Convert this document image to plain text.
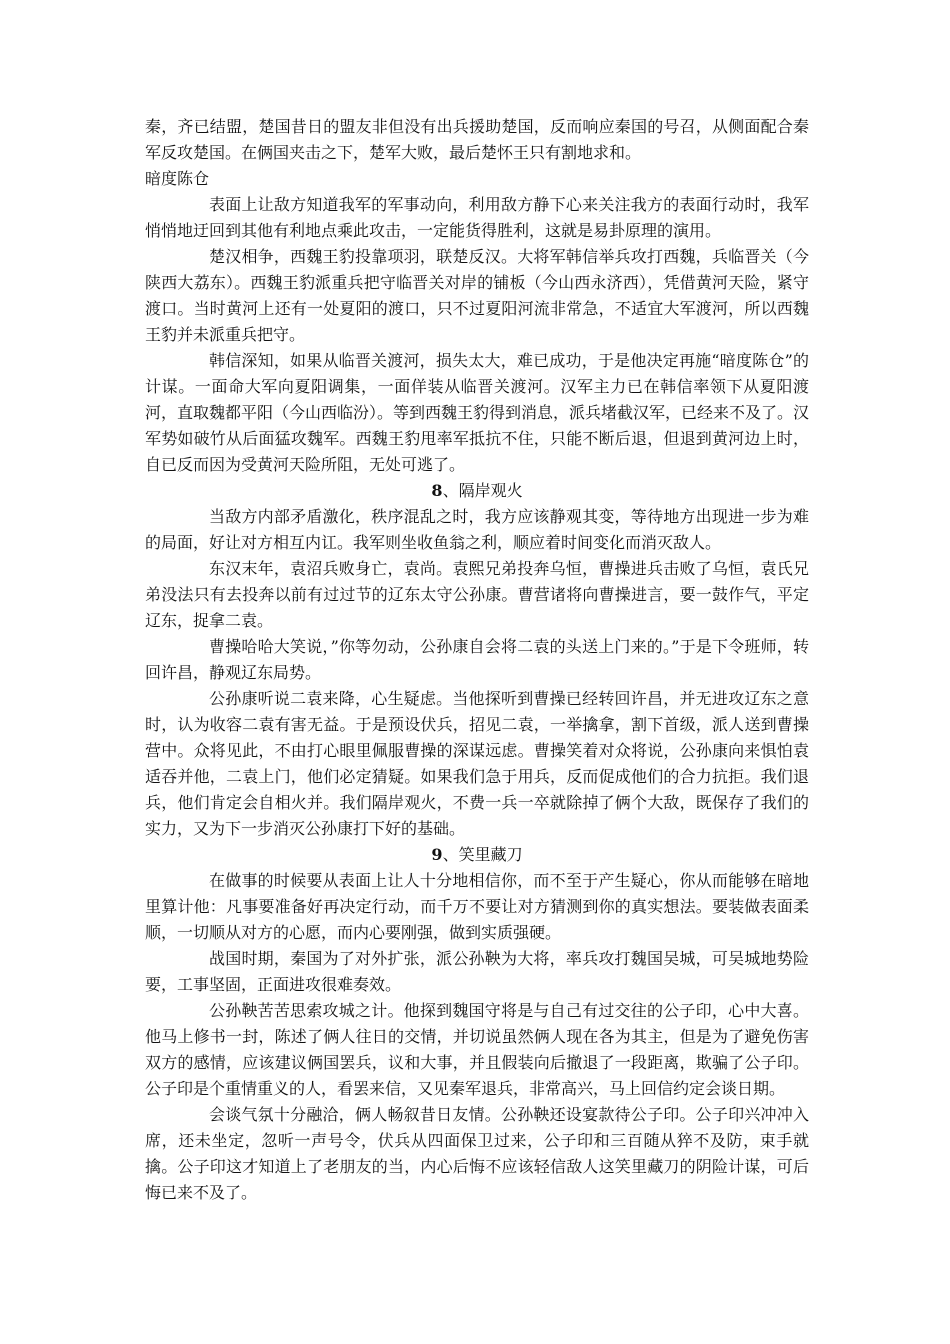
秦，齐已结盟，楚国昔日的盟友非但没有出兵援助楚国，反而响应秦国的号召，从侧面配合秦军反攻楚国。在俩国夹击之下，楚军大败，最后楚怀王只有割地求和。

暗度陈仓

表面上让敌方知道我军的军事动向，利用敌方静下心来关注我方的表面行动时，我军悄悄地迂回到其他有利地点乘此攻击，一定能货得胜利，这就是易卦原理的演用。

楚汉相争，西魏王豹投靠项羽，联楚反汉。大将军韩信举兵攻打西魏，兵临晋关（今陕西大荔东）。西魏王豹派重兵把守临晋关对岸的铺板（今山西永济西），凭借黄河天险，紧守渡口。当时黄河上还有一处夏阳的渡口，只不过夏阳河流非常急，不适宜大军渡河，所以西魏王豹并未派重兵把守。

韩信深知，如果从临晋关渡河，损失太大，难已成功，于是他决定再施“暗度陈仓”的计谋。一面命大军向夏阳调集，一面佯装从临晋关渡河。汉军主力已在韩信率领下从夏阳渡河，直取魏都平阳（今山西临汾）。等到西魏王豹得到消息，派兵堵截汉军，已经来不及了。汉军势如破竹从后面猛攻魏军。西魏王豹甩率军抵抗不住，只能不断后退，但退到黄河边上时，自已反而因为受黄河天险所阻，无处可逃了。

8、隔岸观火

当敌方内部矛盾激化，秩序混乱之时，我方应该静观其变，等待地方出现进一步为难的局面，好让对方相互内讧。我军则坐收鱼翁之利，顺应着时间变化而消灭敌人。

东汉末年，袁沼兵败身亡，袁尚。袁熙兄弟投奔乌恒，曹操进兵击败了乌恒，袁氏兄弟没法只有去投奔以前有过过节的辽东太守公孙康。曹营诸将向曹操进言，要一鼓作气，平定辽东，捉拿二袁。

曹操哈哈大笑说，”你等勿动，公孙康自会将二袁的头送上门来的。”于是下令班师，转回许昌，静观辽东局势。

公孙康听说二袁来降，心生疑虑。当他探听到曹操已经转回许昌，并无进攻辽东之意时，认为收容二袁有害无益。于是预设伏兵，招见二袁，一举擒拿，割下首级，派人送到曹操营中。众将见此，不由打心眼里佩服曹操的深谋远虑。曹操笑着对众将说，公孙康向来惧怕袁适吞并他，二袁上门，他们必定猜疑。如果我们急于用兵，反而促成他们的合力抗拒。我们退兵，他们肯定会自相火并。我们隔岸观火，不费一兵一卒就除掉了俩个大敌，既保存了我们的实力，又为下一步消灭公孙康打下好的基础。

9、笑里藏刀

在做事的时候要从表面上让人十分地相信你，而不至于产生疑心，你从而能够在暗地里算计他：凡事要准备好再决定行动，而千万不要让对方猜测到你的真实想法。要装做表面柔顺，一切顺从对方的心愿，而内心要刚强，做到实质强硬。

战国时期，秦国为了对外扩张，派公孙鞅为大将，率兵攻打魏国吴城，可吴城地势险要，工事坚固，正面进攻很难奏效。

公孙鞅苦苦思索攻城之计。他探到魏国守将是与自己有过交往的公子印，心中大喜。他马上修书一封，陈述了俩人往日的交情，并切说虽然俩人现在各为其主，但是为了避免伤害双方的感情，应该建议俩国罢兵，议和大事，并且假装向后撤退了一段距离，欺骗了公子印。公子印是个重情重义的人，看罢来信，又见秦军退兵，非常高兴，马上回信约定会谈日期。

会谈气氛十分融洽，俩人畅叙昔日友情。公孙鞅还设宴款待公子印。公子印兴冲冲入席，还未坐定，忽听一声号令，伏兵从四面保卫过来，公子印和三百随从猝不及防，束手就擒。公子印这才知道上了老朋友的当，内心后悔不应该轻信敌人这笑里藏刀的阴险计谋，可后悔已来不及了。
